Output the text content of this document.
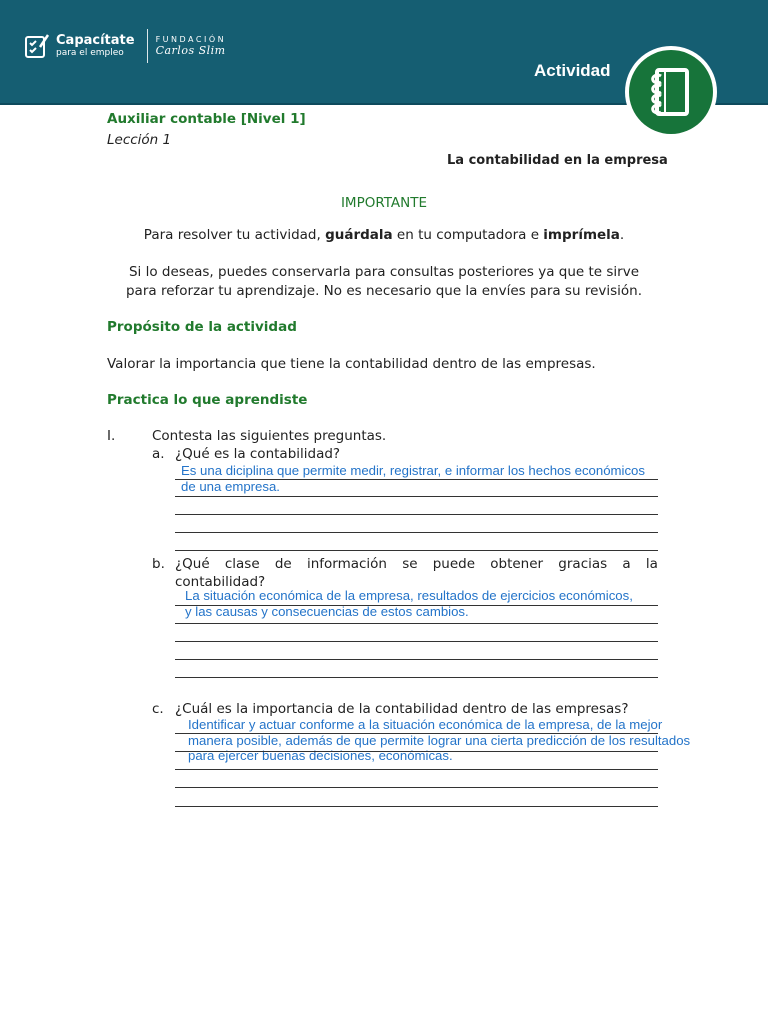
Capacítate
para el empleo
FUNDACIÓN
Carlos Slim
Actividad
Auxiliar contable [Nivel 1]
Lección 1
La contabilidad en la empresa
IMPORTANTE
Para resolver tu actividad, guárdala en tu computadora e imprímela.
Si lo deseas, puedes conservarla para consultas posteriores ya que te sirve
para reforzar tu aprendizaje. No es necesario que la envíes para su revisión.
Propósito de la actividad
Valorar la importancia que tiene la contabilidad dentro de las empresas.
Practica lo que aprendiste
I.	Contesta las siguientes preguntas.
a. ¿Qué es la contabilidad?
Es una diciplina que permite medir, registrar, e informar los hechos económicos
de una empresa.
b. ¿Qué clase de información se puede obtener gracias a la
contabilidad?
La situación económica de la empresa, resultados de ejercicios económicos,
y las causas y consecuencias de estos cambios.
c. ¿Cuál es la importancia de la contabilidad dentro de las empresas?
Identificar y actuar conforme a la situación económica de la empresa, de la mejor
manera posible, además de que permite lograr una cierta predicción de los resultados
para ejercer buenas decisiones, económicas.
